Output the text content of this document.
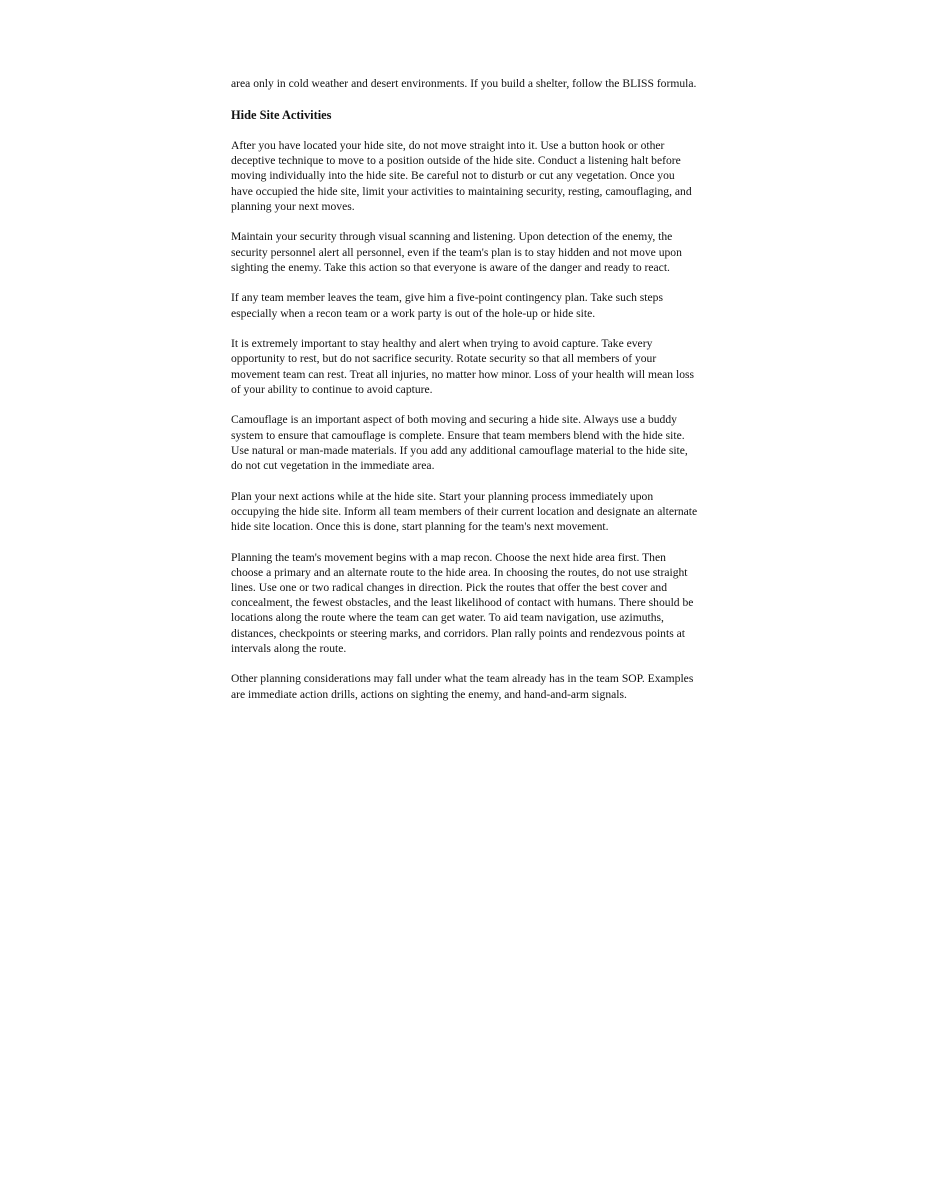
area only in cold weather and desert environments. If you build a shelter, follow the BLISS formula.

Hide Site Activities

After you have located your hide site, do not move straight into it. Use a button hook or other deceptive technique to move to a position outside of the hide site. Conduct a listening halt before moving individually into the hide site. Be careful not to disturb or cut any vegetation. Once you have occupied the hide site, limit your activities to maintaining security, resting, camouflaging, and planning your next moves.

Maintain your security through visual scanning and listening. Upon detection of the enemy, the security personnel alert all personnel, even if the team's plan is to stay hidden and not move upon sighting the enemy. Take this action so that everyone is aware of the danger and ready to react.

If any team member leaves the team, give him a five-point contingency plan. Take such steps especially when a recon team or a work party is out of the hole-up or hide site.

It is extremely important to stay healthy and alert when trying to avoid capture. Take every opportunity to rest, but do not sacrifice security. Rotate security so that all members of your movement team can rest. Treat all injuries, no matter how minor. Loss of your health will mean loss of your ability to continue to avoid capture.

Camouflage is an important aspect of both moving and securing a hide site. Always use a buddy system to ensure that camouflage is complete. Ensure that team members blend with the hide site. Use natural or man-made materials. If you add any additional camouflage material to the hide site, do not cut vegetation in the immediate area.

Plan your next actions while at the hide site. Start your planning process immediately upon occupying the hide site. Inform all team members of their current location and designate an alternate hide site location. Once this is done, start planning for the team's next movement.

Planning the team's movement begins with a map recon. Choose the next hide area first. Then choose a primary and an alternate route to the hide area. In choosing the routes, do not use straight lines. Use one or two radical changes in direction. Pick the routes that offer the best cover and concealment, the fewest obstacles, and the least likelihood of contact with humans. There should be locations along the route where the team can get water. To aid team navigation, use azimuths, distances, checkpoints or steering marks, and corridors. Plan rally points and rendezvous points at intervals along the route.

Other planning considerations may fall under what the team already has in the team SOP. Examples are immediate action drills, actions on sighting the enemy, and hand-and-arm signals.
